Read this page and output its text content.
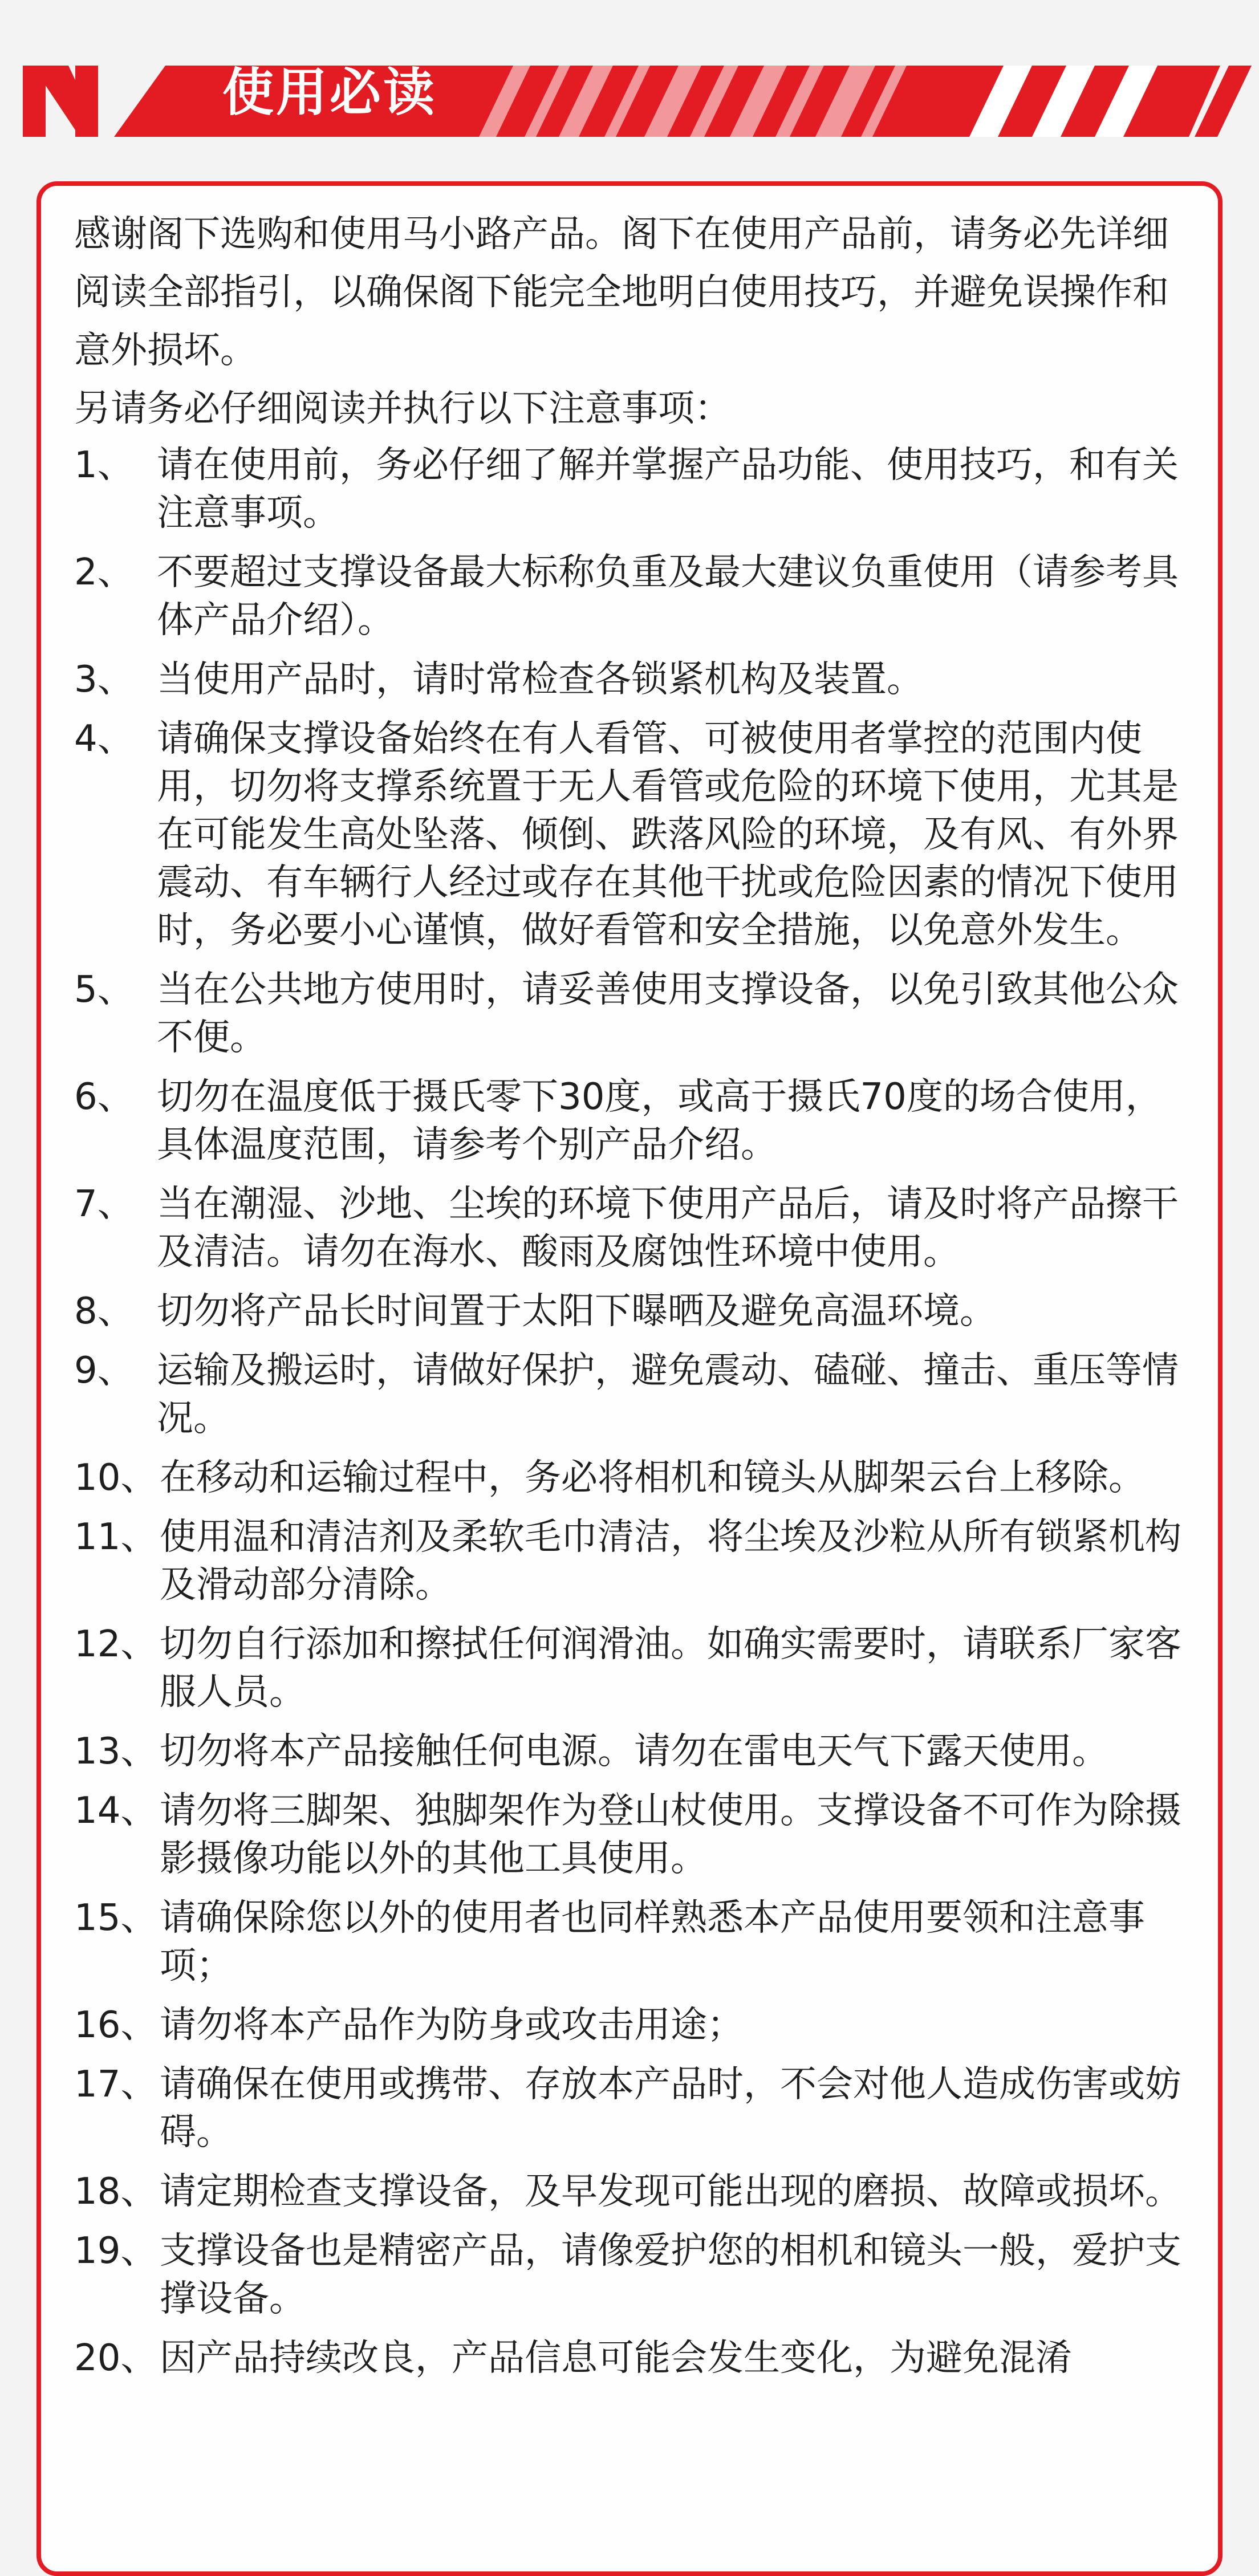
使用必读

感谢阁下选购和使用马小路产品。阁下在使用产品前，请务必先详细阅读全部指引，以确保阁下能完全地明白使用技巧，并避免误操作和意外损坏。

另请务必仔细阅读并执行以下注意事项：

1、 请在使用前，务必仔细了解并掌握产品功能、使用技巧，和有关注意事项。
2、 不要超过支撑设备最大标称负重及最大建议负重使用（请参考具体产品介绍）。
3、 当使用产品时，请时常检查各锁紧机构及装置。
4、 请确保支撑设备始终在有人看管、可被使用者掌控的范围内使用，切勿将支撑系统置于无人看管或危险的环境下使用，尤其是在可能发生高处坠落、倾倒、跌落风险的环境，及有风、有外界震动、有车辆行人经过或存在其他干扰或危险因素的情况下使用时，务必要小心谨慎，做好看管和安全措施，以免意外发生。
5、 当在公共地方使用时，请妥善使用支撑设备，以免引致其他公众不便。
6、 切勿在温度低于摄氏零下30度，或高于摄氏70度的场合使用，具体温度范围，请参考个别产品介绍。
7、 当在潮湿、沙地、尘埃的环境下使用产品后，请及时将产品擦干及清洁。请勿在海水、酸雨及腐蚀性环境中使用。
8、 切勿将产品长时间置于太阳下曝晒及避免高温环境。
9、 运输及搬运时，请做好保护，避免震动、磕碰、撞击、重压等情况。
10、 在移动和运输过程中，务必将相机和镜头从脚架云台上移除。
11、 使用温和清洁剂及柔软毛巾清洁，将尘埃及沙粒从所有锁紧机构及滑动部分清除。
12、 切勿自行添加和擦拭任何润滑油。如确实需要时，请联系厂家客服人员。
13、 切勿将本产品接触任何电源。请勿在雷电天气下露天使用。
14、 请勿将三脚架、独脚架作为登山杖使用。支撑设备不可作为除摄影摄像功能以外的其他工具使用。
15、 请确保除您以外的使用者也同样熟悉本产品使用要领和注意事项；
16、 请勿将本产品作为防身或攻击用途；
17、 请确保在使用或携带、存放本产品时，不会对他人造成伤害或妨碍。
18、 请定期检查支撑设备，及早发现可能出现的磨损、故障或损坏。
19、 支撑设备也是精密产品，请像爱护您的相机和镜头一般，爱护支撑设备。
20、 因产品持续改良，产品信息可能会发生变化，为避免混淆
